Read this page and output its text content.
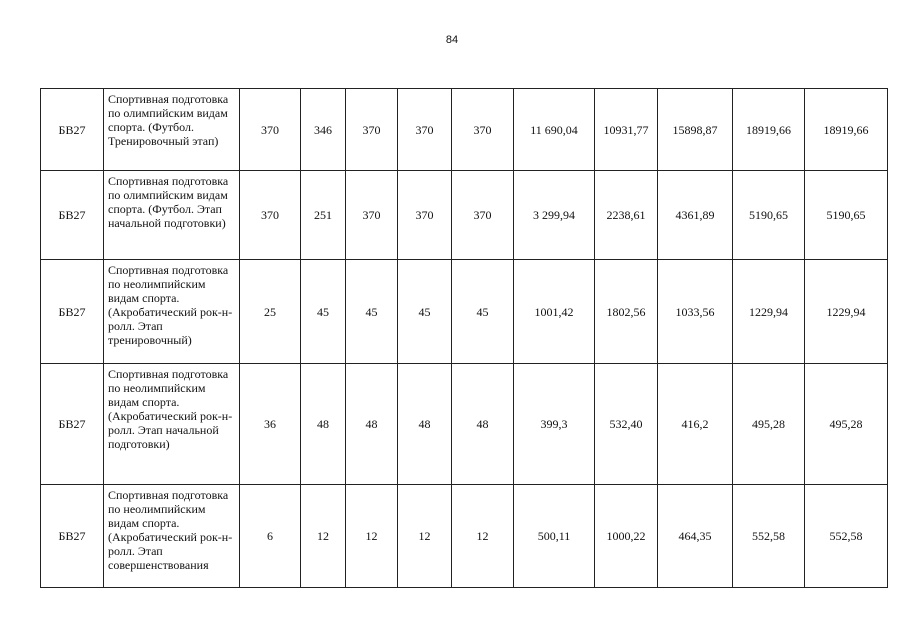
84
БВ27	Спортивная подготовка по олимпийским видам спорта. (Футбол. Тренировочный этап)	370	346	370	370	370	11 690,04	10931,77	15898,87	18919,66	18919,66
БВ27	Спортивная подготовка по олимпийским видам спорта. (Футбол. Этап начальной подготовки)	370	251	370	370	370	3 299,94	2238,61	4361,89	5190,65	5190,65
БВ27	Спортивная подготовка по неолимпийским видам спорта. (Акробатический рок-н-ролл. Этап тренировочный)	25	45	45	45	45	1001,42	1802,56	1033,56	1229,94	1229,94
БВ27	Спортивная подготовка по неолимпийским видам спорта. (Акробатический рок-н-ролл. Этап начальной подготовки)	36	48	48	48	48	399,3	532,40	416,2	495,28	495,28
БВ27	Спортивная подготовка по неолимпийским видам спорта. (Акробатический рок-н-ролл. Этап совершенствования	6	12	12	12	12	500,11	1000,22	464,35	552,58	552,58
